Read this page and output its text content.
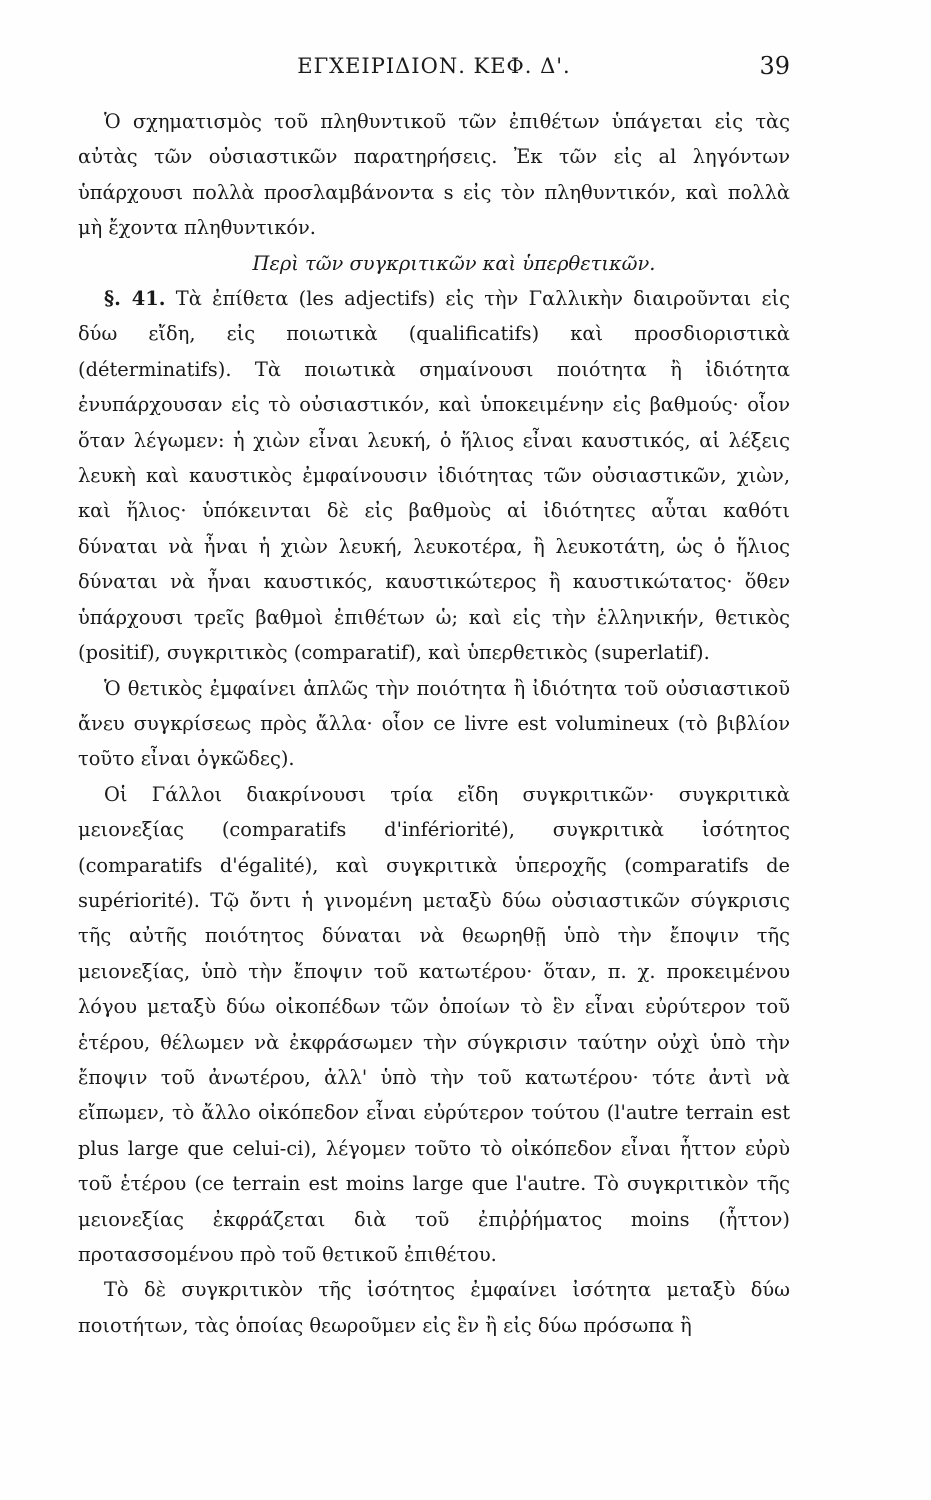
ΕΓΧΕΙΡΙΔΙΟΝ. ΚΕΦ. Δ'.	39

Ὁ σχηματισμὸς τοῦ πληθυντικοῦ τῶν ἐπιθέτων ὑπάγεται εἰς τὰς αὐτὰς τῶν οὐσιαστικῶν παρατηρήσεις. Ἐκ τῶν εἰς al ληγόντων ὑπάρχουσι πολλὰ προσλαμβάνοντα s εἰς τὸν πληθυντικόν, καὶ πολλὰ μὴ ἔχοντα πληθυντικόν.

Περὶ τῶν συγκριτικῶν καὶ ὑπερθετικῶν.

§. 41. Τὰ ἐπίθετα (les adjectifs) εἰς τὴν Γαλλικὴν διαιροῦνται εἰς δύω εἴδη, εἰς ποιωτικὰ (qualificatifs) καὶ προσδιοριστικὰ (déterminatifs). Τὰ ποιωτικὰ σημαίνουσι ποιότητα ἢ ἰδιότητα ἐνυπάρχουσαν εἰς τὸ οὐσιαστικόν, καὶ ὑποκειμένην εἰς βαθμούς· οἷον ὅταν λέγωμεν: ἡ χιὼν εἶναι λευκή, ὁ ἥλιος εἶναι καυστικός, αἱ λέξεις λευκὴ καὶ καυστικὸς ἐμφαίνουσιν ἰδιότητας τῶν οὐσιαστικῶν, χιὼν, καὶ ἥλιος· ὑπόκεινται δὲ εἰς βαθμοὺς αἱ ἰδιότητες αὗται καθότι δύναται νὰ ἦναι ἡ χιὼν λευκή, λευκοτέρα, ἢ λευκοτάτη, ὡς ὁ ἥλιος δύναται νὰ ἦναι καυστικός, καυστικώτερος ἢ καυστικώτατος· ὅθεν ὑπάρχουσι τρεῖς βαθμοὶ ἐπιθέτων ὡ; καὶ εἰς τὴν ἑλληνικήν, θετικὸς (positif), συγκριτικὸς (comparatif), καὶ ὑπερθετικὸς (superlatif).

Ὁ θετικὸς ἐμφαίνει ἁπλῶς τὴν ποιότητα ἢ ἰδιότητα τοῦ οὐσιαστικοῦ ἄνευ συγκρίσεως πρὸς ἄλλα· οἷον ce livre est volumineux (τὸ βιβλίον τοῦτο εἶναι ὀγκῶδες).

Οἱ Γάλλοι διακρίνουσι τρία εἴδη συγκριτικῶν· συγκριτικὰ μειονεξίας (comparatifs d'infériorité), συγκριτικὰ ἰσότητος (comparatifs d'égalité), καὶ συγκριτικὰ ὑπεροχῆς (comparatifs de supériorité). Τῷ ὄντι ἡ γινομένη μεταξὺ δύω οὐσιαστικῶν σύγκρισις τῆς αὐτῆς ποιότητος δύναται νὰ θεωρηθῇ ὑπὸ τὴν ἔποψιν τῆς μειονεξίας, ὑπὸ τὴν ἔποψιν τοῦ κατωτέρου· ὅταν, π. χ. προκειμένου λόγου μεταξὺ δύω οἰκοπέδων τῶν ὁποίων τὸ ἓν εἶναι εὐρύτερον τοῦ ἑτέρου, θέλωμεν νὰ ἐκφράσωμεν τὴν σύγκρισιν ταύτην οὐχὶ ὑπὸ τὴν ἔποψιν τοῦ ἀνωτέρου, ἀλλ' ὑπὸ τὴν τοῦ κατωτέρου· τότε ἀντὶ νὰ εἴπωμεν, τὸ ἄλλο οἰκόπεδον εἶναι εὐρύτερον τούτου (l'autre terrain est plus large que celui-ci), λέγομεν τοῦτο τὸ οἰκόπεδον εἶναι ἧττον εὐρὺ τοῦ ἑτέρου (ce terrain est moins large que l'autre. Τὸ συγκριτικὸν τῆς μειονεξίας ἐκφράζεται διὰ τοῦ ἐπιῤῥήματος moins (ἧττον) προτασσομένου πρὸ τοῦ θετικοῦ ἐπιθέτου.

Τὸ δὲ συγκριτικὸν τῆς ἰσότητος ἐμφαίνει ἰσότητα μεταξὺ δύω ποιοτήτων, τὰς ὁποίας θεωροῦμεν εἰς ἓν ἢ εἰς δύω πρόσωπα ἢ
